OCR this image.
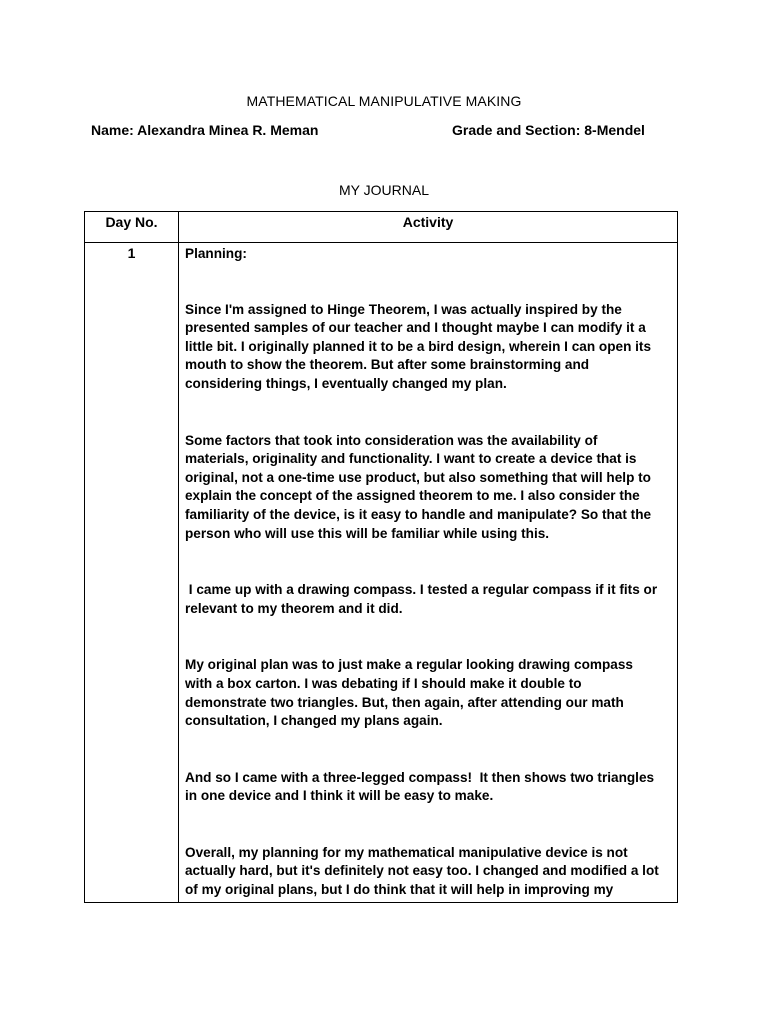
MATHEMATICAL MANIPULATIVE MAKING
Name: Alexandra Minea R. Meman	Grade and Section: 8-Mendel
MY JOURNAL
Day No.	Activity
1	Planning:

Since I'm assigned to Hinge Theorem, I was actually inspired by the presented samples of our teacher and I thought maybe I can modify it a little bit. I originally planned it to be a bird design, wherein I can open its mouth to show the theorem. But after some brainstorming and considering things, I eventually changed my plan.

Some factors that took into consideration was the availability of materials, originality and functionality. I want to create a device that is original, not a one-time use product, but also something that will help to explain the concept of the assigned theorem to me. I also consider the familiarity of the device, is it easy to handle and manipulate? So that the person who will use this will be familiar while using this.

I came up with a drawing compass. I tested a regular compass if it fits or relevant to my theorem and it did.

My original plan was to just make a regular looking drawing compass with a box carton. I was debating if I should make it double to demonstrate two triangles. But, then again, after attending our math consultation, I changed my plans again.

And so I came with a three-legged compass!  It then shows two triangles in one device and I think it will be easy to make.

Overall, my planning for my mathematical manipulative device is not actually hard, but it's definitely not easy too. I changed and modified a lot of my original plans, but I do think that it will help in improving my
